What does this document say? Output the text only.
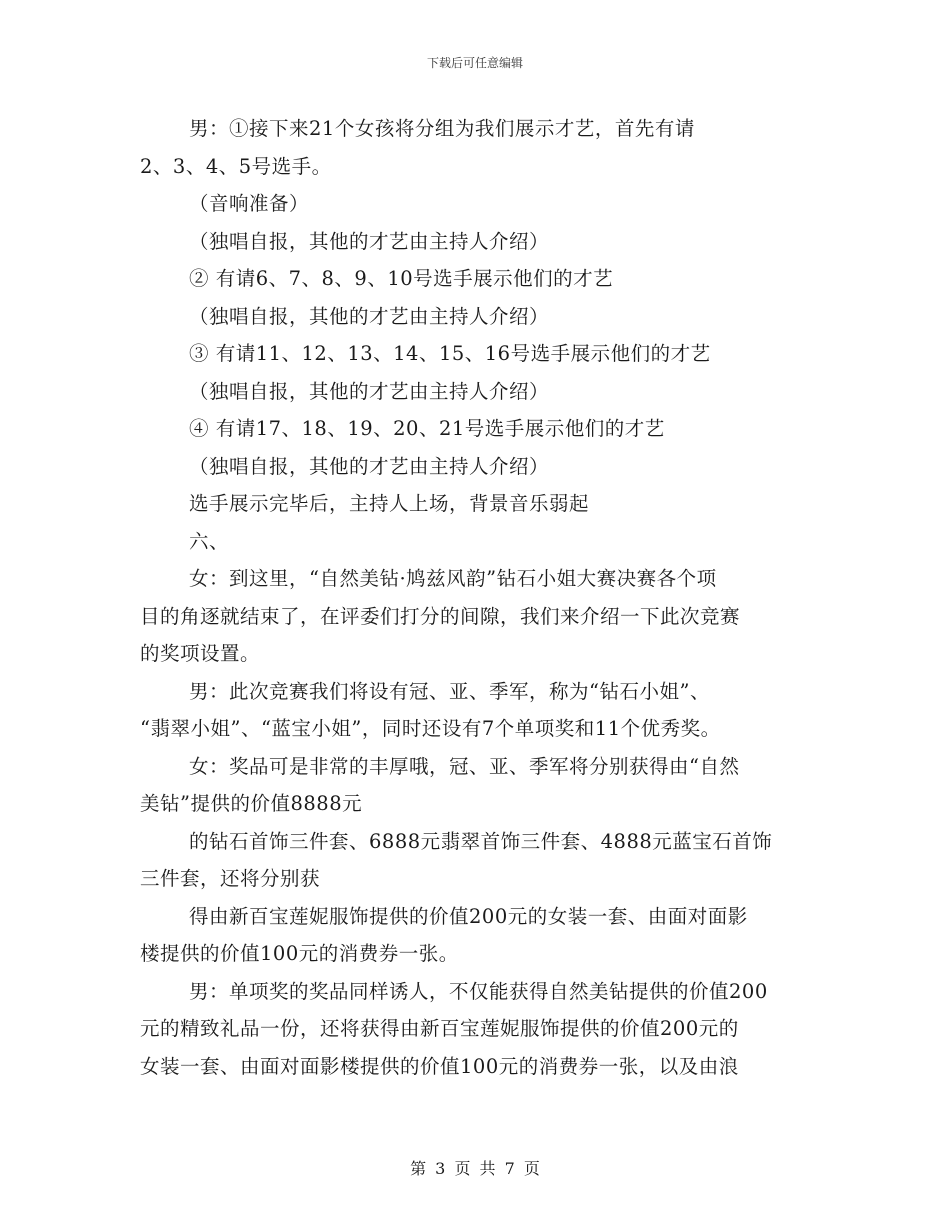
下载后可任意编辑
男：①接下来21个女孩将分组为我们展示才艺，首先有请
2、3、4、5号选手。
（音响准备）
（独唱自报，其他的才艺由主持人介绍）
② 有请6、7、8、9、10号选手展示他们的才艺
（独唱自报，其他的才艺由主持人介绍）
③ 有请11、12、13、14、15、16号选手展示他们的才艺
（独唱自报，其他的才艺由主持人介绍）
④ 有请17、18、19、20、21号选手展示他们的才艺
（独唱自报，其他的才艺由主持人介绍）
选手展示完毕后，主持人上场，背景音乐弱起
六、
女：到这里，“自然美钻·鸠兹风韵”钻石小姐大赛决赛各个项
目的角逐就结束了，在评委们打分的间隙，我们来介绍一下此次竞赛
的奖项设置。
男：此次竞赛我们将设有冠、亚、季军，称为“钻石小姐”、
“翡翠小姐”、“蓝宝小姐”，同时还设有7个单项奖和11个优秀奖。
女：奖品可是非常的丰厚哦，冠、亚、季军将分别获得由“自然
美钻”提供的价值8888元
的钻石首饰三件套、6888元翡翠首饰三件套、4888元蓝宝石首饰
三件套，还将分别获
得由新百宝莲妮服饰提供的价值200元的女装一套、由面对面影
楼提供的价值100元的消费券一张。
男：单项奖的奖品同样诱人，不仅能获得自然美钻提供的价值200
元的精致礼品一份，还将获得由新百宝莲妮服饰提供的价值200元的
女装一套、由面对面影楼提供的价值100元的消费券一张，以及由浪
第 3 页 共 7 页
